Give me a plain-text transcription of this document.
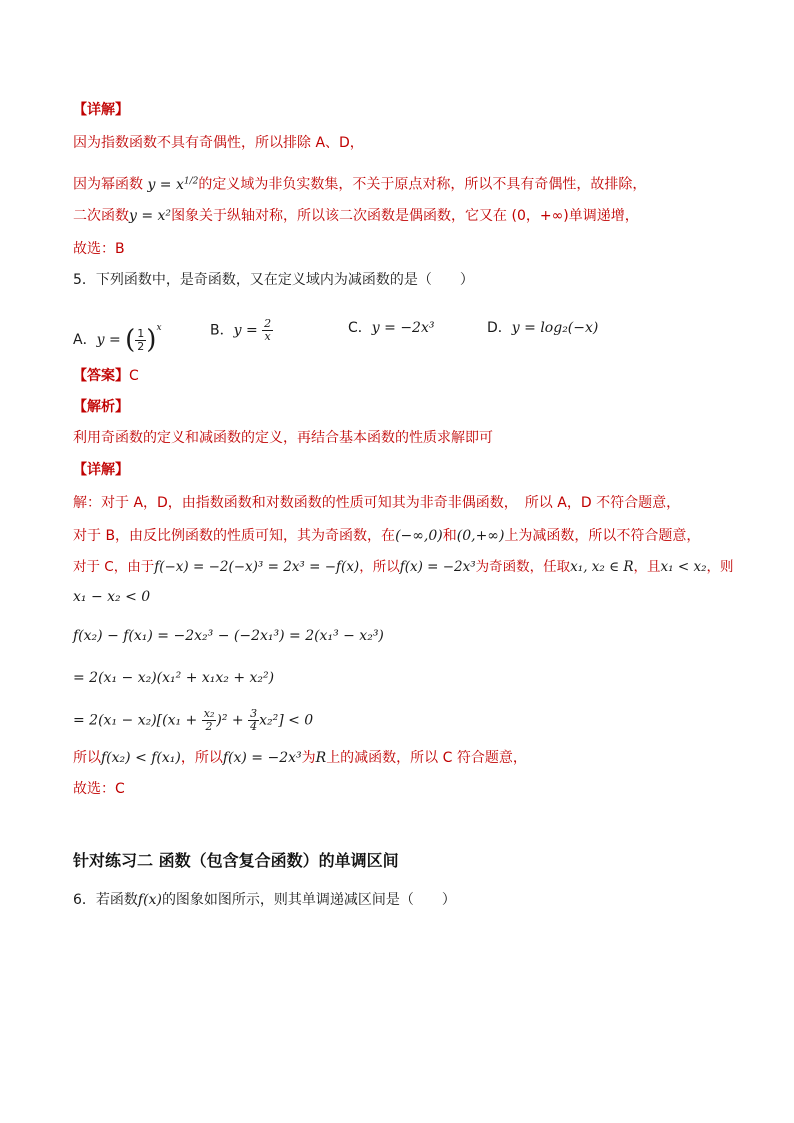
【详解】
因为指数函数不具有奇偶性，所以排除 A、D，
因为幂函数 $y = x^{1/2}$的定义域为非负实数集，不关于原点对称，所以不具有奇偶性，故排除，
二次函数y = x²图象关于纵轴对称，所以该二次函数是偶函数，它又在 (0，+∞)单调递增，
故选：B
5．下列函数中，是奇函数，又在定义域内为减函数的是（　　）
A．y = ( $\frac{1}{2} )^x$	B．$y = \frac{2}{x}$	C．y = −2x³	D．y = log₂(−x)
【答案】C
【解析】
利用奇函数的定义和减函数的定义，再结合基本函数的性质求解即可
【详解】
解：对于 A，D，由指数函数和对数函数的性质可知其为非奇非偶函数，　所以 A，D 不符合题意，
对于 B，由反比例函数的性质可知，其为奇函数，在(−∞,0)和(0,+∞)上为减函数，所以不符合题意，
对于 C，由于f(−x) = −2(−x)³ = 2x³ = −f(x)，所以f(x) = −2x³为奇函数，任取x₁, x₂ ∈ R，且x₁ < x₂，则
x₁ − x₂ < 0
f(x₂) − f(x₁) = −2x₂³ − (−2x₁³) = 2(x₁³ − x₂³)
= 2(x₁ − x₂)(x₁² + x₁x₂ + x₂²)
= $2(x_1 - x_2)[(x_1 + \frac{\text{x₂}}{2} )^2 + \frac{3}{4} x_2^2] < 0$
所以f(x₂) < f(x₁)，所以f(x) = −2x³为R上的减函数，所以 C 符合题意，
故选：C
针对练习二 函数（包含复合函数）的单调区间
6．若函数f(x)的图象如图所示，则其单调递减区间是（　　）
